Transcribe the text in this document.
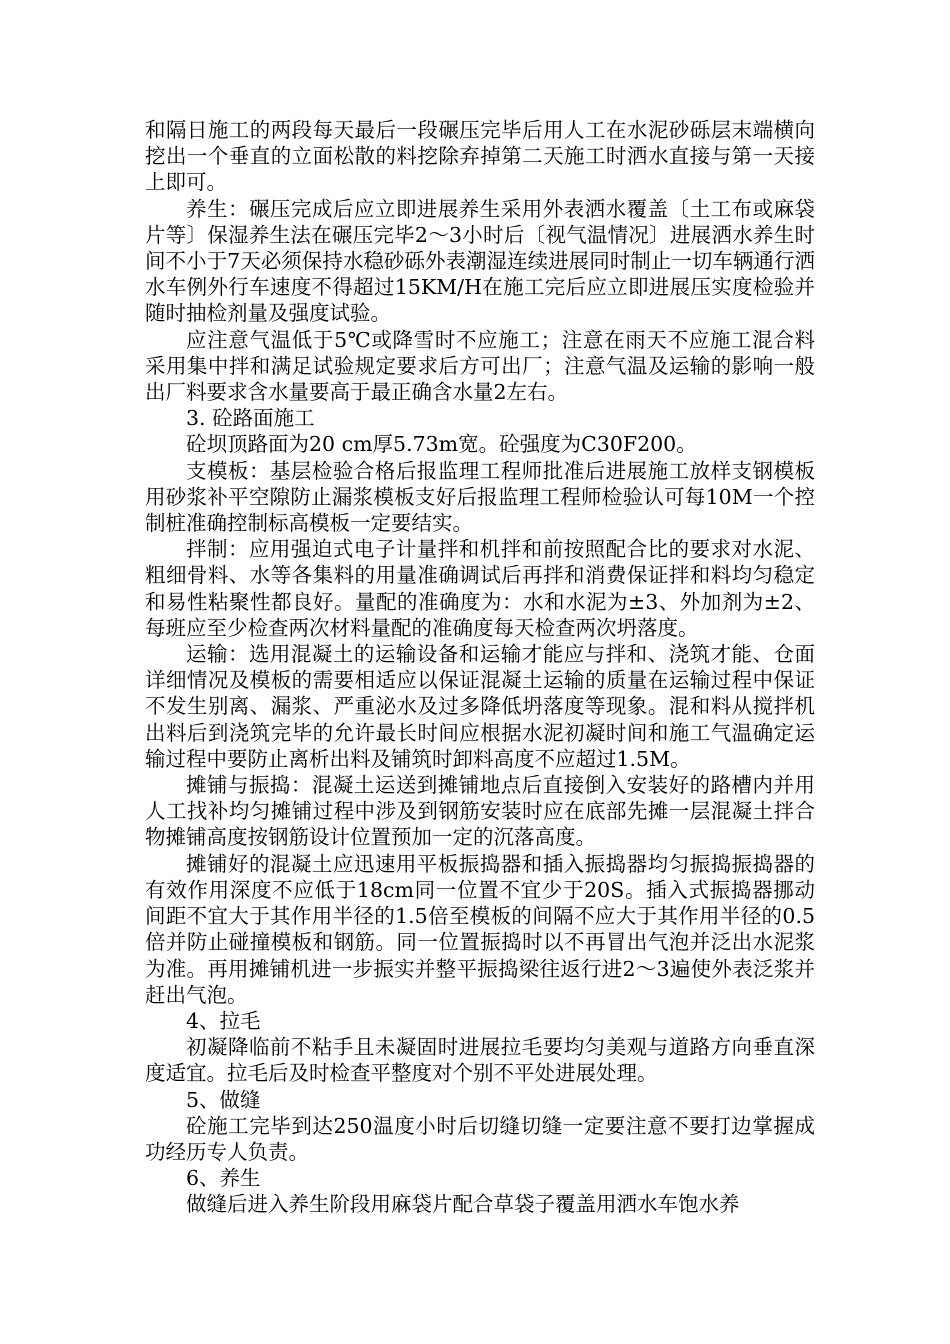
和隔日施工的两段每天最后一段碾压完毕后用人工在水泥砂砾层末端横向挖出一个垂直的立面松散的料挖除弃掉第二天施工时洒水直接与第一天接上即可。

养生：碾压完成后应立即进展养生采用外表洒水覆盖〔土工布或麻袋片等〕保湿养生法在碾压完毕2～3小时后〔视气温情况〕进展洒水养生时间不小于7天必须保持水稳砂砾外表潮湿连续进展同时制止一切车辆通行洒水车例外行车速度不得超过15KM/H在施工完后应立即进展压实度检验并随时抽检剂量及强度试验。

应注意气温低于5℃或降雪时不应施工；注意在雨天不应施工混合料采用集中拌和满足试验规定要求后方可出厂；注意气温及运输的影响一般出厂料要求含水量要高于最正确含水量2左右。

3. 砼路面施工

砼坝顶路面为20 cm厚5.73m宽。砼强度为C30F200。

支模板：基层检验合格后报监理工程师批准后进展施工放样支钢模板用砂浆补平空隙防止漏浆模板支好后报监理工程师检验认可每10M一个控制桩准确控制标高模板一定要结实。

拌制：应用强迫式电子计量拌和机拌和前按照配合比的要求对水泥、粗细骨料、水等各集料的用量准确调试后再拌和消费保证拌和料均匀稳定和易性粘聚性都良好。量配的准确度为：水和水泥为±3、外加剂为±2、每班应至少检查两次材料量配的准确度每天检查两次坍落度。

运输：选用混凝土的运输设备和运输才能应与拌和、浇筑才能、仓面详细情况及模板的需要相适应以保证混凝土运输的质量在运输过程中保证不发生别离、漏浆、严重泌水及过多降低坍落度等现象。混和料从搅拌机出料后到浇筑完毕的允许最长时间应根据水泥初凝时间和施工气温确定运输过程中要防止离析出料及铺筑时卸料高度不应超过1.5M。

摊铺与振捣：混凝土运送到摊铺地点后直接倒入安装好的路槽内并用人工找补均匀摊铺过程中涉及到钢筋安装时应在底部先摊一层混凝土拌合物摊铺高度按钢筋设计位置预加一定的沉落高度。

摊铺好的混凝土应迅速用平板振捣器和插入振捣器均匀振捣振捣器的有效作用深度不应低于18cm同一位置不宜少于20S。插入式振捣器挪动间距不宜大于其作用半径的1.5倍至模板的间隔不应大于其作用半径的0.5倍并防止碰撞模板和钢筋。同一位置振捣时以不再冒出气泡并泛出水泥浆为准。再用摊铺机进一步振实并整平振捣梁往返行进2～3遍使外表泛浆并赶出气泡。

4、拉毛

初凝降临前不粘手且未凝固时进展拉毛要均匀美观与道路方向垂直深度适宜。拉毛后及时检查平整度对个别不平处进展处理。

5、做缝

砼施工完毕到达250温度小时后切缝切缝一定要注意不要打边掌握成功经历专人负责。

6、养生

做缝后进入养生阶段用麻袋片配合草袋子覆盖用洒水车饱水养
